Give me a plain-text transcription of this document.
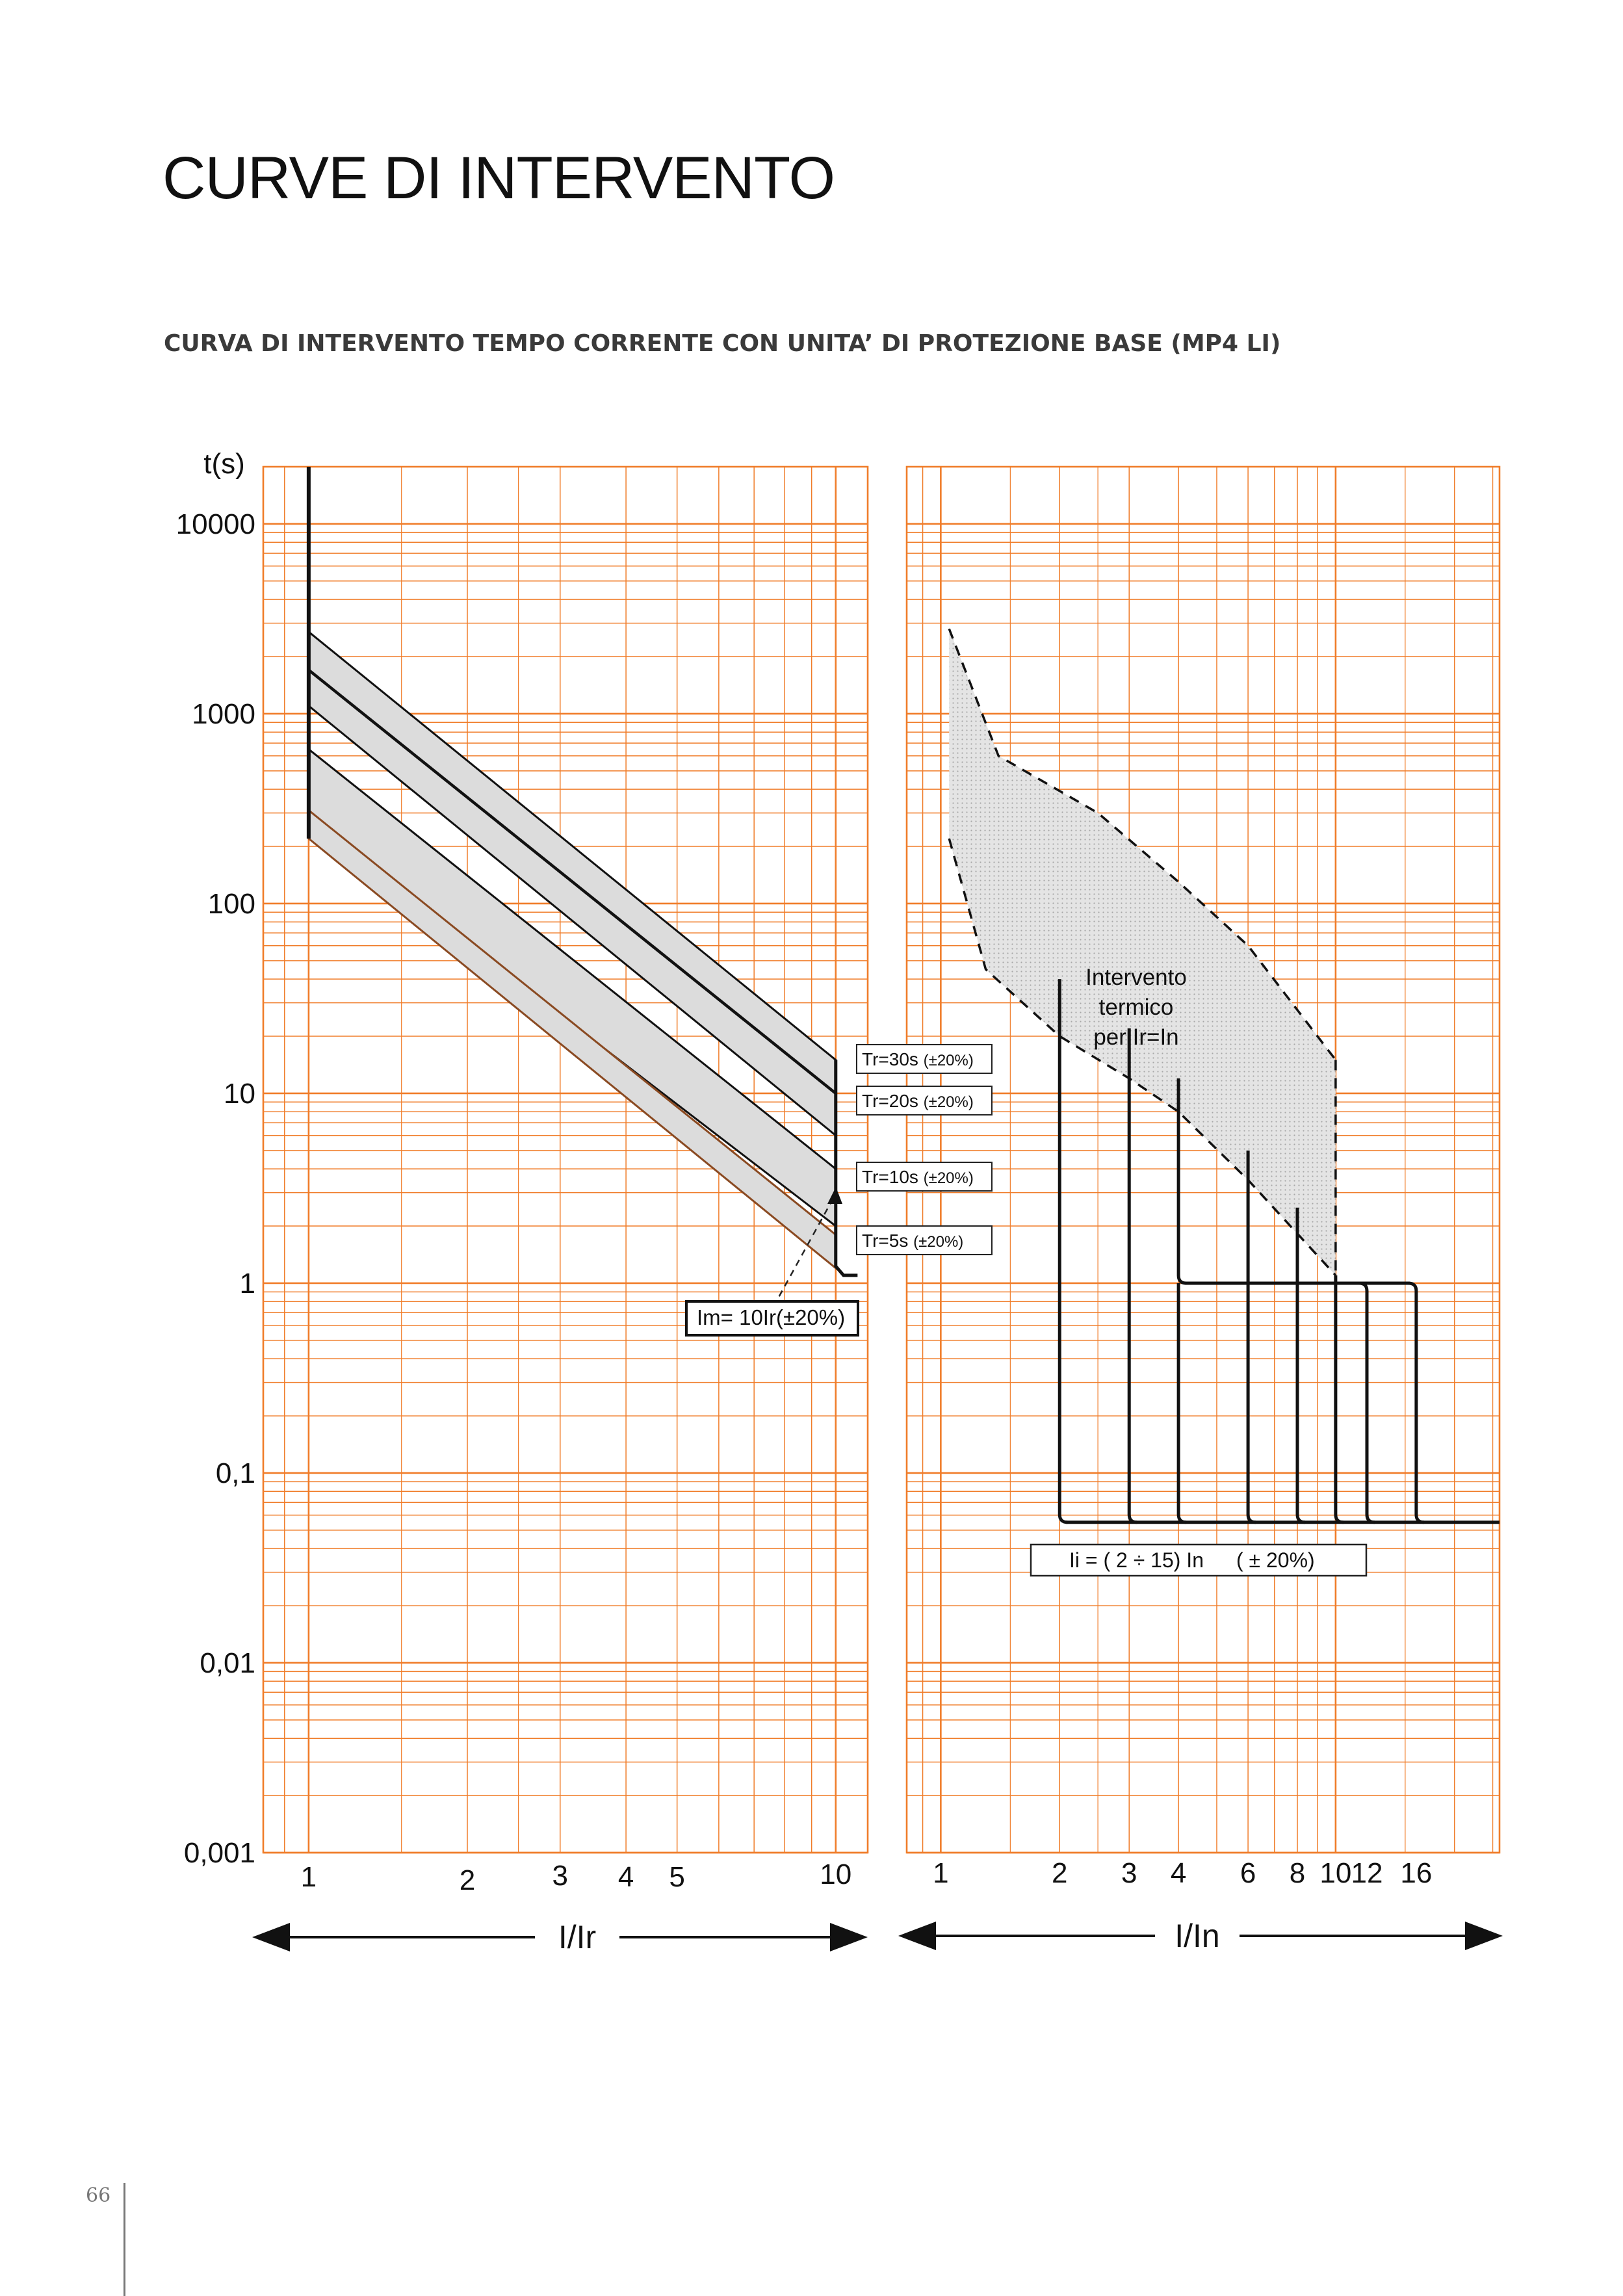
CURVE DI INTERVENTO
CURVA DI INTERVENTO TEMPO CORRENTE CON UNITA’ DI PROTEZIONE BASE (MP4 LI)
Tr=30s (±20%)
Tr=20s (±20%)
Tr=10s (±20%)
Tr=5s (±20%)
Im= 10Ir(±20%)
Intervento
termico
per Ir=In
Ii = ( 2 ÷ 15) In ( ± 20%)
t(s)
10000
1000
100
10
1
0,1
0,01
0,001
1	2	3 4 5	10	1	2 3 4 6 8 10 12 16
I/Ir	I/In
66
